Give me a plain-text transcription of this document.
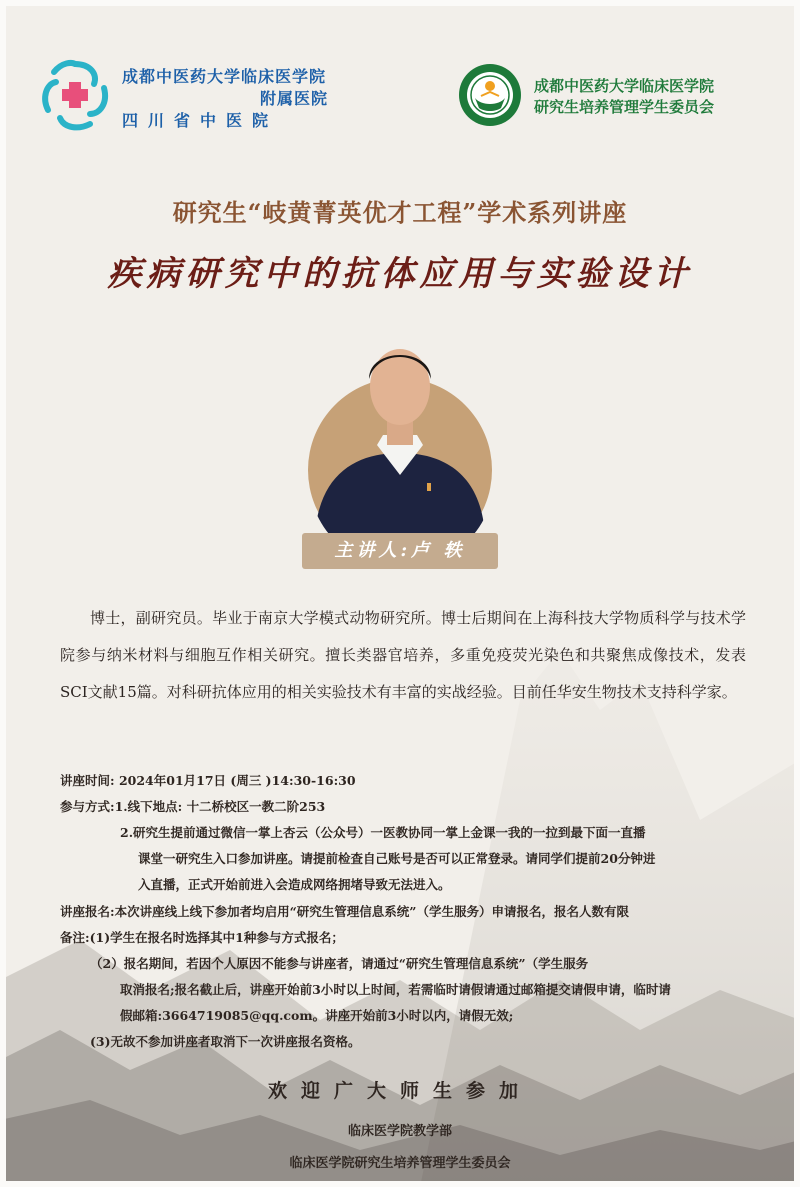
成都中医药大学临床医学院
附属医院
四川省中医院
成都中医药大学临床医学院
研究生培养管理学生委员会
研究生“岐黄菁英优才工程”学术系列讲座
疾病研究中的抗体应用与实验设计
主讲人:卢 轶
博士，副研究员。毕业于南京大学模式动物研究所。博士后期间在上海科技大学物质科学与技术学院参与纳米材料与细胞互作相关研究。擅长类器官培养，多重免疫荧光染色和共聚焦成像技术，发表SCI文献15篇。对科研抗体应用的相关实验技术有丰富的实战经验。目前任华安生物技术支持科学家。
讲座时间: 2024年01月17日 (周三 )14:30-16:30
参与方式:1.线下地点: 十二桥校区一教二阶253
2.研究生提前通过微信一掌上杏云（公众号）一医教协同一掌上金课一我的一拉到最下面一直播
课堂一研究生入口参加讲座。请提前检查自己账号是否可以正常登录。请同学们提前20分钟进
入直播，正式开始前进入会造成网络拥堵导致无法进入。
讲座报名:本次讲座线上线下参加者均启用“研究生管理信息系统”（学生服务）申请报名，报名人数有限
备注:(1)学生在报名时选择其中1种参与方式报名；
（2）报名期间，若因个人原因不能参与讲座者，请通过“研究生管理信息系统”（学生服务
取消报名;报名截止后，讲座开始前3小时以上时间，若需临时请假请通过邮箱提交请假申请，临时请
假邮箱:3664719085@qq.com。讲座开始前3小时以内，请假无效;
(3)无故不参加讲座者取消下一次讲座报名资格。
欢迎广大师生参加
临床医学院教学部
临床医学院研究生培养管理学生委员会
